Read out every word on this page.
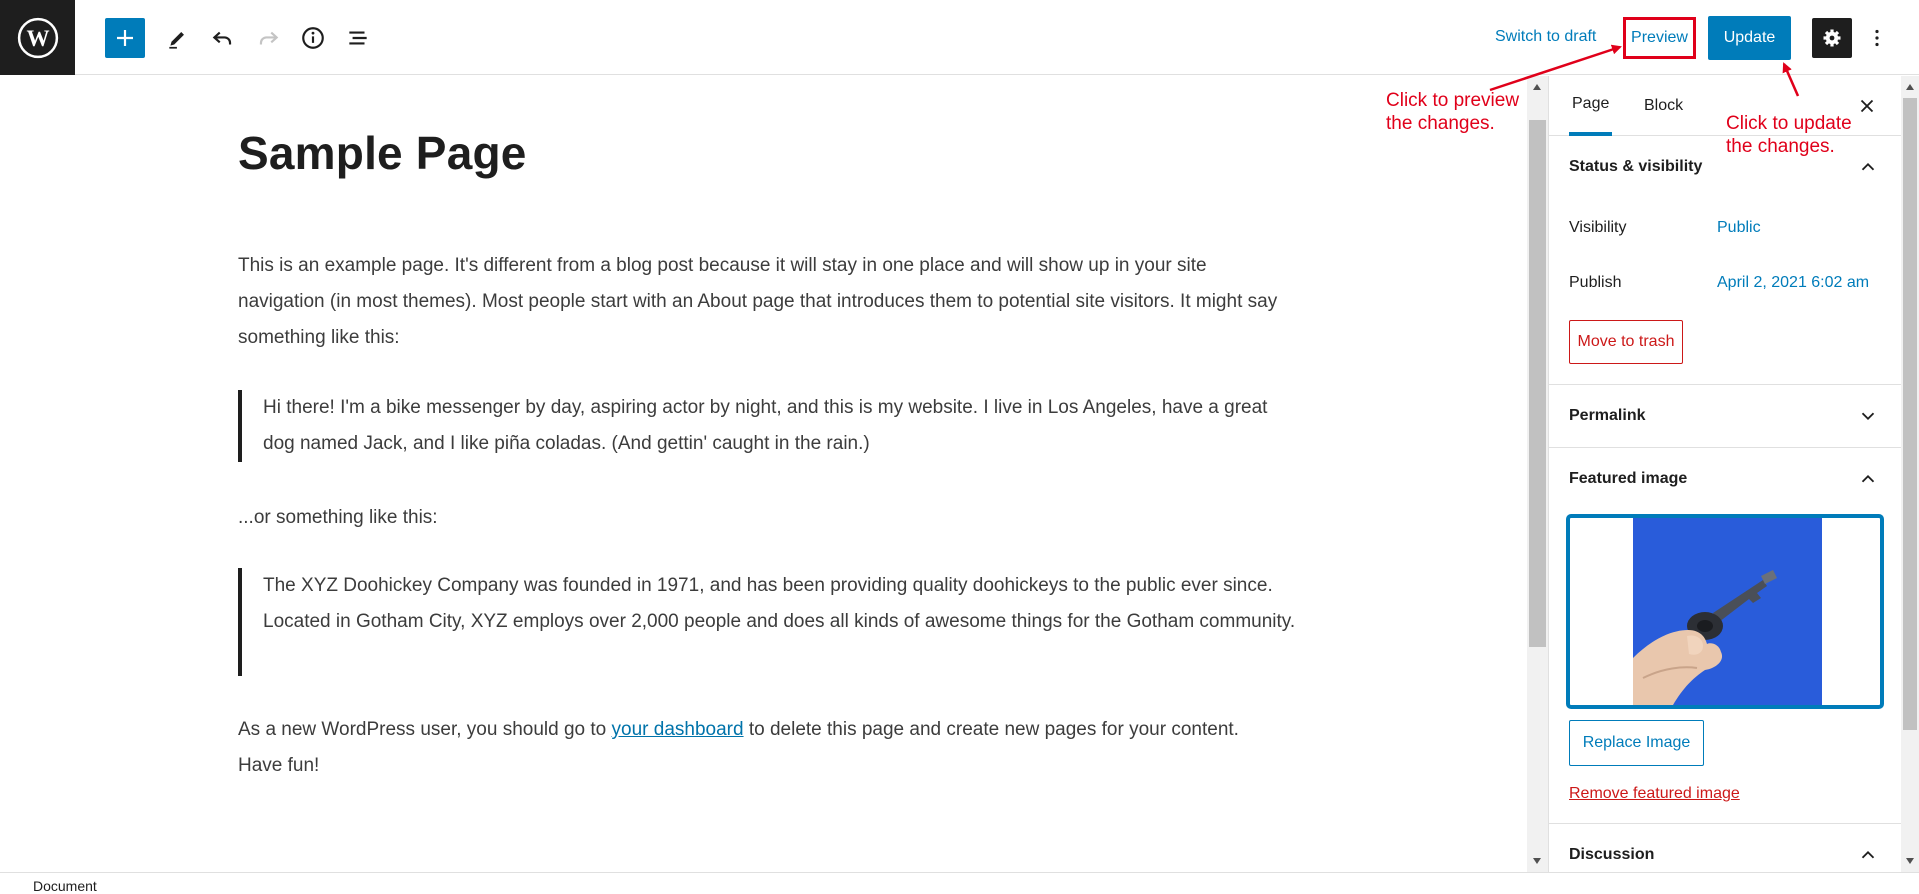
W	Switch to draft	Preview	Update
Sample Page

This is an example page. It's different from a blog post because it will stay in one place and will show up in your site navigation (in most themes). Most people start with an About page that introduces them to potential site visitors. It might say something like this:

Hi there! I'm a bike messenger by day, aspiring actor by night, and this is my website. I live in Los Angeles, have a great dog named Jack, and I like piña coladas. (And gettin' caught in the rain.)

...or something like this:

The XYZ Doohickey Company was founded in 1971, and has been providing quality doohickeys to the public ever since. Located in Gotham City, XYZ employs over 2,000 people and does all kinds of awesome things for the Gotham community.

As a new WordPress user, you should go to your dashboard to delete this page and create new pages for your content. Have fun!

Page Block
Status & visibility
Visibility	Public
Publish	April 2, 2021 6:02 am
Move to trash
Permalink
Featured image
Replace Image
Remove featured image
Discussion
Document
Click to preview
the changes.	Click to update
the changes.
